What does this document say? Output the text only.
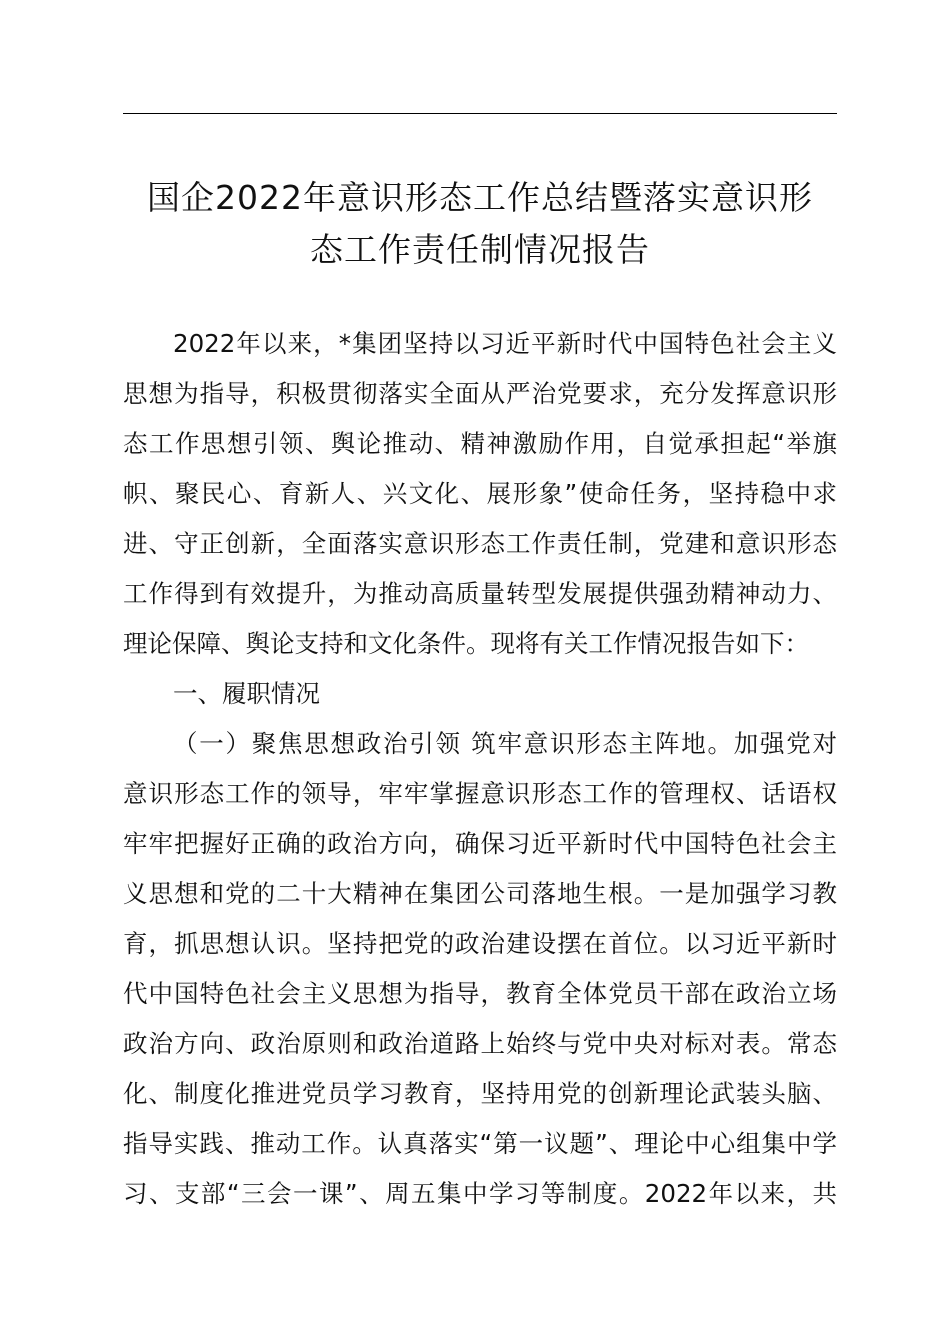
国企2022年意识形态工作总结暨落实意识形
态工作责任制情况报告
2022年以来，*集团坚持以习近平新时代中国特色社会主义
思想为指导，积极贯彻落实全面从严治党要求，充分发挥意识形
态工作思想引领、舆论推动、精神激励作用，自觉承担起“举旗
帜、聚民心、育新人、兴文化、展形象”使命任务，坚持稳中求
进、守正创新，全面落实意识形态工作责任制，党建和意识形态
工作得到有效提升，为推动高质量转型发展提供强劲精神动力、
理论保障、舆论支持和文化条件。现将有关工作情况报告如下：
一、履职情况
（一）聚焦思想政治引领 筑牢意识形态主阵地。加强党对
意识形态工作的领导，牢牢掌握意识形态工作的管理权、话语权
牢牢把握好正确的政治方向，确保习近平新时代中国特色社会主
义思想和党的二十大精神在集团公司落地生根。一是加强学习教
育，抓思想认识。坚持把党的政治建设摆在首位。以习近平新时
代中国特色社会主义思想为指导，教育全体党员干部在政治立场
政治方向、政治原则和政治道路上始终与党中央对标对表。常态
化、制度化推进党员学习教育，坚持用党的创新理论武装头脑、
指导实践、推动工作。认真落实“第一议题”、理论中心组集中学
习、支部“三会一课”、周五集中学习等制度。2022年以来，共
